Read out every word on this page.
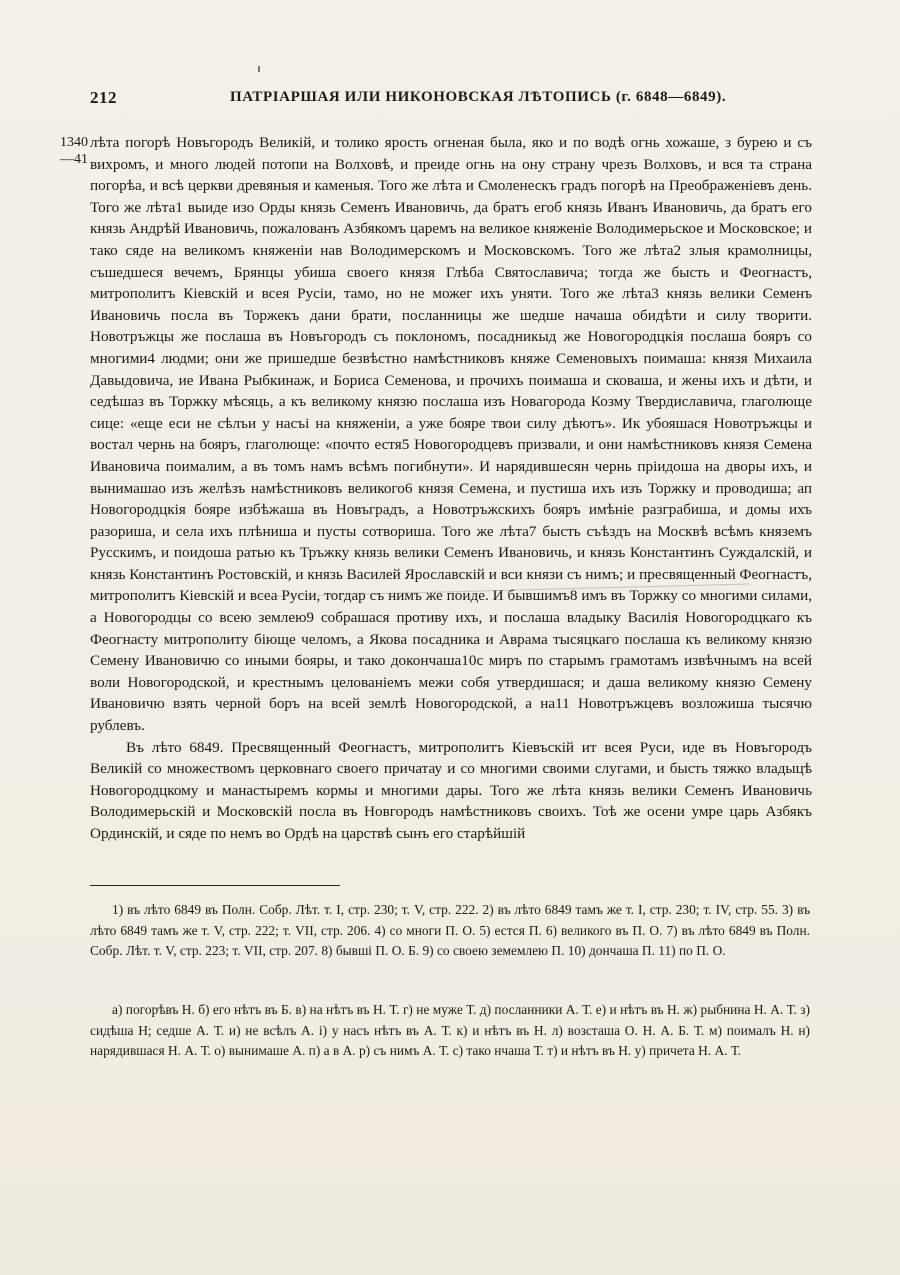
212	ПАТРІАРШАЯ ИЛИ НИКОНОВСКАЯ ЛѢТОПИСЬ (г. 6848—6849).
1340
—41

лѣта погорѣ Новъгородъ Великій, и толико ярость огненая была, яко и по водѣ огнь хожаше, з бурею и съ вихромъ, и много людей потопи на Волховѣ, и преиде огнь на ону страну чрезъ Волховъ, и вся та страна погорѣа, и всѣ церкви древяныя и каменыя. Того же лѣта и Смоленескъ градъ погорѣ на Преображеніевъ день. Того же лѣта1 выиде изо Орды князь Семенъ Ивановичь, да братъ егоб князь Иванъ Ивановичь, да братъ его князь Андрѣй Ивановичь, пожалованъ Азбякомъ царемъ на великое княженіе Володимерьское и Московское; и тако сяде на великомъ княженіи нав Володимерскомъ и Московскомъ. Того же лѣта2 злыя крамолницы, съшедшеся вечемъ, Брянцы убиша своего князя Глѣба Святославича; тогда же бысть и Феогнастъ, митрополитъ Кіевскій и всея Русіи, тамо, но не можег ихъ уняти. Того же лѣта3 князь велики Семенъ Ивановичь посла въ Торжекъ дани брати, посланницы же шедше начаша обидѣти и силу творити. Новотръжцы же послаша въ Новъгородъ съ поклономъ, посадникыд же Новогородцкія послаша бояръ со многими4 людми; они же пришедше безвѣстно намѣстниковъ княже Семеновыхъ поимаша: князя Михаила Давыдовича, ие Ивана Рыбкинаж, и Бориса Семенова, и прочихъ поимаша и сковаша, и жены ихъ и дѣти, и седѣшаз въ Торжку мѣсяць, а къ великому князю послаша изъ Новагорода Козму Твердиславича, глаголюще сице: «еще еси не сѣлъи у насъі на княженіи, а уже бояре твои силу дѣютъ». Ик убояшася Новотръжцы и востал чернь на бояръ, глаголюще: «почто естя5 Новогородцевъ призвали, и они намѣстниковъ князя Семена Ивановича поималим, а въ томъ намъ всѣмъ погибнути». И нарядившесян чернь пріидоша на дворы ихъ, и вынимашао изъ желѣзъ намѣстниковъ великого6 князя Семена, и пустиша ихъ изъ Торжку и проводиша; ап Новогородцкія бояре избѣжаша въ Новъградъ, а Новотръжскихъ бояръ имѣніе разграбиша, и домы ихъ разориша, и села ихъ плѣниша и пусты сотвориша. Того же лѣта7 бысть съѣздъ на Москвѣ всѣмъ княземъ Русскимъ, и поидоша ратью къ Тръжку князь велики Семенъ Ивановичь, и князь Константинъ Суждалскій, и князь Константинъ Ростовскій, и князь Василей Ярославскій и вси князи съ нимъ; и пресвященный Феогнастъ, митрополитъ Кіевскій и всеа Русіи, тогдар съ нимъ же поиде. И бывшимъ8 имъ въ Торжку со многими силами, а Новогородцы со всею землею9 собрашася противу ихъ, и послаша владыку Василія Новогородцкаго къ Феогнасту митрополиту біюще челомъ, а Якова посадника и Аврама тысяцкаго послаша къ великому князю Семену Ивановичю со иными бояры, и тако докончаша10с миръ по старымъ грамотамъ извѣчнымъ на всей воли Новогородской, и крестнымъ целованіемъ межи собя утвердишася; и даша великому князю Семену Ивановичю взять черной боръ на всей землѣ Новогородской, а на11 Новотръжцевъ возложиша тысячю рублевъ.

Въ лѣто 6849. Пресвященный Феогнастъ, митрополитъ Кіевъскій ит всея Руси, иде въ Новъгородъ Великій со множествомъ церковнаго своего причатау и со многими своими слугами, и бысть тяжко владыцѣ Новогородцкому и манастыремъ кормы и многими дары. Того же лѣта князь велики Семенъ Ивановичь Володимерьскій и Московскій посла въ Новгородъ намѣстниковъ своихъ. Тоѣ же осени умре царь Азбякъ Ординскій, и сяде по немъ во Ордѣ на царствѣ сынъ его старѣйшій

1) въ лѣто 6849 въ Полн. Собр. Лѣт. т. I, стр. 230; т. V, стр. 222. 2) въ лѣто 6849 тамъ же т. I, стр. 230; т. IV, стр. 55. 3) въ лѣто 6849 тамъ же т. V, стр. 222; т. VII, стр. 206. 4) со многи П. О. 5) естся П. 6) великого въ П. О. 7) въ лѣто 6849 въ Полн. Собр. Лѣт. т. V, стр. 223; т. VII, стр. 207. 8) бывші П. О. Б. 9) со своею земемлею П. 10) дончаша П. 11) по П. О.

а) погорѣвъ Н. б) его нѣтъ въ Б. в) на нѣтъ въ Н. Т. г) не муже Т. д) посланники А. Т. е) и нѣтъ въ Н. ж) рыбнина Н. А. Т. з) сидѣша Н; седше А. Т. и) не всѣлъ А. і) у насъ нѣтъ въ А. Т. к) и нѣтъ въ Н. л) возсташа О. Н. А. Б. Т. м) поималъ Н. н) нарядившася Н. А. Т. о) вынимаше А. п) а в А. р) съ нимъ А. Т. с) тако нчаша Т. т) и нѣтъ въ Н. у) причета Н. А. Т.
